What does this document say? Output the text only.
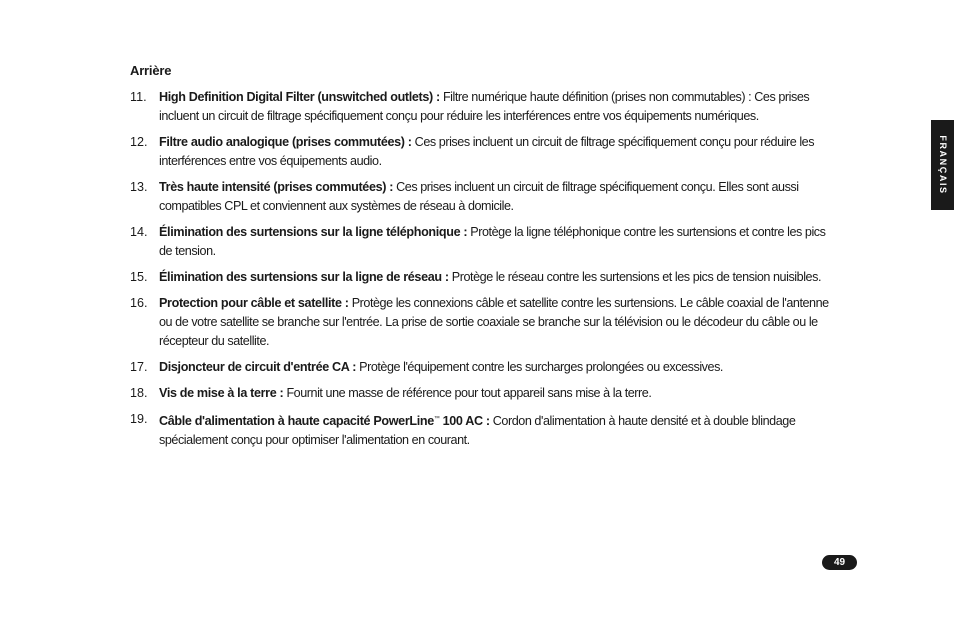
Arrière
11. High Definition Digital Filter (unswitched outlets) : Filtre numérique haute définition (prises non commutables) : Ces prises incluent un circuit de filtrage spécifiquement conçu pour réduire les interférences entre vos équipements numériques.
12. Filtre audio analogique (prises commutées) : Ces prises incluent un circuit de filtrage spécifiquement conçu pour réduire les interférences entre vos équipements audio.
13. Très haute intensité (prises commutées) : Ces prises incluent un circuit de filtrage spécifiquement conçu. Elles sont aussi compatibles CPL et conviennent aux systèmes de réseau à domicile.
14. Élimination des surtensions sur la ligne téléphonique : Protège la ligne téléphonique contre les surtensions et contre les pics de tension.
15. Élimination des surtensions sur la ligne de réseau : Protège le réseau contre les surtensions et les pics de tension nuisibles.
16. Protection pour câble et satellite : Protège les connexions câble et satellite contre les surtensions. Le câble coaxial de l'antenne ou de votre satellite se branche sur l'entrée. La prise de sortie coaxiale se branche sur la télévision ou le décodeur du câble ou le récepteur du satellite.
17. Disjoncteur de circuit d'entrée CA : Protège l'équipement contre les surcharges prolongées ou excessives.
18. Vis de mise à la terre : Fournit une masse de référence pour tout appareil sans mise à la terre.
19. Câble d'alimentation à haute capacité PowerLine™ 100 AC : Cordon d'alimentation à haute densité et à double blindage spécialement conçu pour optimiser l'alimentation en courant.
FRANÇAIS
49
